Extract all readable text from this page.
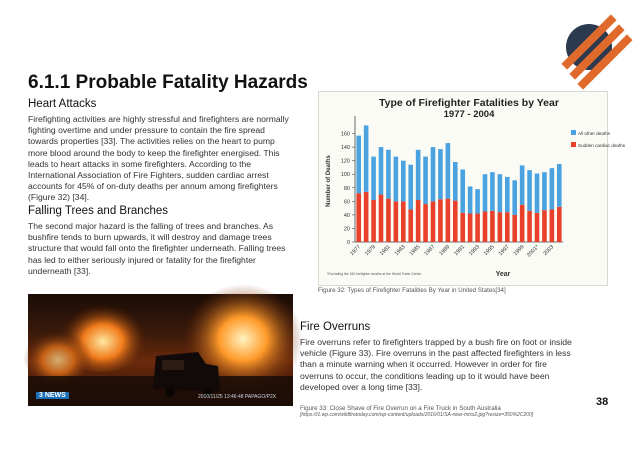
6.1.1 Probable Fatality Hazards
Heart Attacks
Firefighting activities are highly stressful and firefighters are normally
fighting overtime and under pressure to contain the fire spread
towards properties [33]. The activities relies on the heart to pump
more blood around the body to keep the firefighter energised. This
leads to heart attacks in some firefighters. According to the
International Association of Fire Fighters, sudden cardiac arrest
accounts for 45% of on-duty deaths per annum among firefighters
(Figure 32) [34].
Falling Trees and Branches
The second major hazard is the falling of trees and branches. As
bushfire tends to burn upwards, it will destroy and damage trees
structure that would fall onto the firefighter underneath. Falling trees
has led to either seriously injured or fatality for the firefighter
underneath [33].
Type of Firefighter Fatalities by Year
1977 - 2004
0
20
40
60
80
100
120
140
160
Number of Deaths
1977 1979 1981 1983 1985 1987 1989 1991 1993 1995 1997 1999 2001* 2003
Year
*Excluding the 340 firefighter deaths at the World Trade Center
All other deaths
Sudden cardiac deaths
Figure 32: Types of Firefighter Fatalities By Year in United States[34]
3 NEWS	2010/11/25 13:46:48 PAPAGO/P2X
Fire Overruns
Fire overruns refer to firefighters trapped by a bush fire on foot or inside
vehicle (Figure 33). Fire overruns in the past affected firefighters in less
than a minute warning when it occurred. However in order for fire
overruns to occur, the conditions leading up to it would have been
developed over a long time [33].
Figure 33: Close Shave of Fire Overrun on a Fire Truck in South Australia
[https://i1.wp.com/wildfiretoday.com/wp-content/uploads/2016/01/SA-near-miss2.jpg?resize=350%2C200]
38
